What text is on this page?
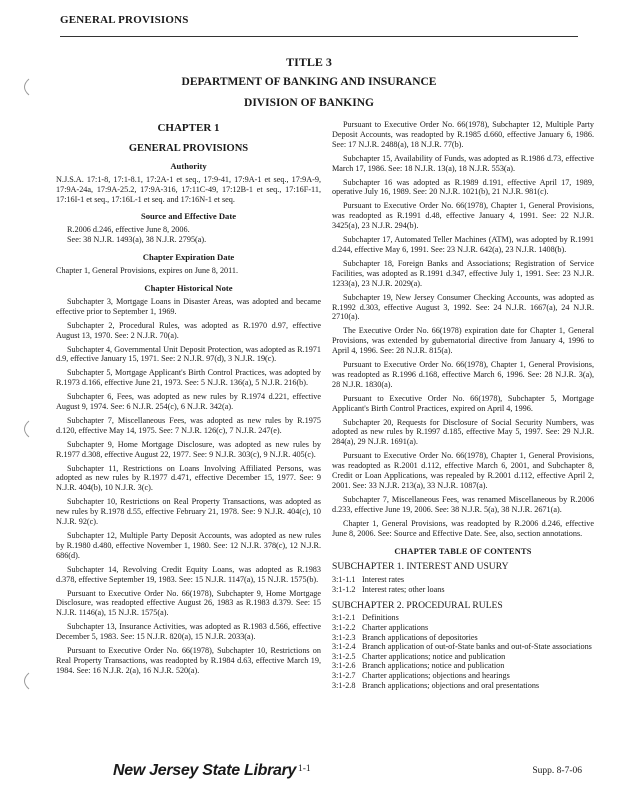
GENERAL PROVISIONS
TITLE 3
DEPARTMENT OF BANKING AND INSURANCE
DIVISION OF BANKING
CHAPTER 1
GENERAL PROVISIONS
Authority

N.J.S.A. 17:1-8, 17:1-8.1, 17:2A-1 et seq., 17:9-41, 17:9A-1 et seq., 17:9A-9, 17:9A-24a, 17:9A-25.2, 17:9A-316, 17:11C-49, 17:12B-1 et seq., 17:16F-11, 17:16I-1 et seq., 17:16L-1 et seq. and 17:16N-1 et seq.

Source and Effective Date

R.2006 d.246, effective June 8, 2006.

See: 38 N.J.R. 1493(a), 38 N.J.R. 2795(a).

Chapter Expiration Date

Chapter 1, General Provisions, expires on June 8, 2011.

Chapter Historical Note

Subchapter 3, Mortgage Loans in Disaster Areas, was adopted and became effective prior to September 1, 1969.

Subchapter 2, Procedural Rules, was adopted as R.1970 d.97, effective August 13, 1970. See: 2 N.J.R. 70(a).

Subchapter 4, Governmental Unit Deposit Protection, was adopted as R.1971 d.9, effective January 15, 1971. See: 2 N.J.R. 97(d), 3 N.J.R. 19(c).

Subchapter 5, Mortgage Applicant's Birth Control Practices, was adopted by R.1973 d.166, effective June 21, 1973. See: 5 N.J.R. 136(a), 5 N.J.R. 216(b).

Subchapter 6, Fees, was adopted as new rules by R.1974 d.221, effective August 9, 1974. See: 6 N.J.R. 254(c), 6 N.J.R. 342(a).

Subchapter 7, Miscellaneous Fees, was adopted as new rules by R.1975 d.120, effective May 14, 1975. See: 7 N.J.R. 126(c), 7 N.J.R. 247(e).

Subchapter 9, Home Mortgage Disclosure, was adopted as new rules by R.1977 d.308, effective August 22, 1977. See: 9 N.J.R. 303(c), 9 N.J.R. 405(c).

Subchapter 11, Restrictions on Loans Involving Affiliated Persons, was adopted as new rules by R.1977 d.471, effective December 15, 1977. See: 9 N.J.R. 404(b), 10 N.J.R. 3(c).

Subchapter 10, Restrictions on Real Property Transactions, was adopted as new rules by R.1978 d.55, effective February 21, 1978. See: 9 N.J.R. 404(c), 10 N.J.R. 92(c).

Subchapter 12, Multiple Party Deposit Accounts, was adopted as new rules by R.1980 d.480, effective November 1, 1980. See: 12 N.J.R. 378(c), 12 N.J.R. 686(d).

Subchapter 14, Revolving Credit Equity Loans, was adopted as R.1983 d.378, effective September 19, 1983. See: 15 N.J.R. 1147(a), 15 N.J.R. 1575(b).

Pursuant to Executive Order No. 66(1978), Subchapter 9, Home Mortgage Disclosure, was readopted effective August 26, 1983 as R.1983 d.379. See: 15 N.J.R. 1146(a), 15 N.J.R. 1575(a).

Subchapter 13, Insurance Activities, was adopted as R.1983 d.566, effective December 5, 1983. See: 15 N.J.R. 820(a), 15 N.J.R. 2033(a).

Pursuant to Executive Order No. 66(1978), Subchapter 10, Restrictions on Real Property Transactions, was readopted by R.1984 d.63, effective March 19, 1984. See: 16 N.J.R. 2(a), 16 N.J.R. 520(a).

Pursuant to Executive Order No. 66(1978), Subchapter 12, Multiple Party Deposit Accounts, was readopted by R.1985 d.660, effective January 6, 1986. See: 17 N.J.R. 2488(a), 18 N.J.R. 77(b).

Subchapter 15, Availability of Funds, was adopted as R.1986 d.73, effective March 17, 1986. See: 18 N.J.R. 13(a), 18 N.J.R. 553(a).

Subchapter 16 was adopted as R.1989 d.191, effective April 17, 1989, operative July 16, 1989. See: 20 N.J.R. 1021(b), 21 N.J.R. 981(c).

Pursuant to Executive Order No. 66(1978), Chapter 1, General Provisions, was readopted as R.1991 d.48, effective January 4, 1991. See: 22 N.J.R. 3425(a), 23 N.J.R. 294(b).

Subchapter 17, Automated Teller Machines (ATM), was adopted by R.1991 d.244, effective May 6, 1991. See: 23 N.J.R. 642(a), 23 N.J.R. 1408(b).

Subchapter 18, Foreign Banks and Associations; Registration of Service Facilities, was adopted as R.1991 d.347, effective July 1, 1991. See: 23 N.J.R. 1233(a), 23 N.J.R. 2029(a).

Subchapter 19, New Jersey Consumer Checking Accounts, was adopted as R.1992 d.303, effective August 3, 1992. See: 24 N.J.R. 1667(a), 24 N.J.R. 2710(a).

The Executive Order No. 66(1978) expiration date for Chapter 1, General Provisions, was extended by gubernatorial directive from January 4, 1996 to April 4, 1996. See: 28 N.J.R. 815(a).

Pursuant to Executive Order No. 66(1978), Chapter 1, General Provisions, was readopted as R.1996 d.168, effective March 6, 1996. See: 28 N.J.R. 3(a), 28 N.J.R. 1830(a).

Pursuant to Executive Order No. 66(1978), Subchapter 5, Mortgage Applicant's Birth Control Practices, expired on April 4, 1996.

Subchapter 20, Requests for Disclosure of Social Security Numbers, was adopted as new rules by R.1997 d.185, effective May 5, 1997. See: 29 N.J.R. 284(a), 29 N.J.R. 1691(a).

Pursuant to Executive Order No. 66(1978), Chapter 1, General Provisions, was readopted as R.2001 d.112, effective March 6, 2001, and Subchapter 8, Credit or Loan Applications, was repealed by R.2001 d.112, effective April 2, 2001. See: 33 N.J.R. 213(a), 33 N.J.R. 1087(a).

Subchapter 7, Miscellaneous Fees, was renamed Miscellaneous by R.2006 d.233, effective June 19, 2006. See: 38 N.J.R. 5(a), 38 N.J.R. 2671(a).

Chapter 1, General Provisions, was readopted by R.2006 d.246, effective June 8, 2006. See: Source and Effective Date. See, also, section annotations.

CHAPTER TABLE OF CONTENTS
SUBCHAPTER 1. INTEREST AND USURY
3:1-1.1 Interest rates
3:1-1.2 Interest rates; other loans
SUBCHAPTER 2. PROCEDURAL RULES
3:1-2.1 Definitions
3:1-2.2 Charter applications
3:1-2.3 Branch applications of depositories
3:1-2.4 Branch application of out-of-State banks and out-of-State associations
3:1-2.5 Charter applications; notice and publication
3:1-2.6 Branch applications; notice and publication
3:1-2.7 Charter applications; objections and hearings
3:1-2.8 Branch applications; objections and oral presentations
New Jersey State Library 1-1	Supp. 8-7-06
